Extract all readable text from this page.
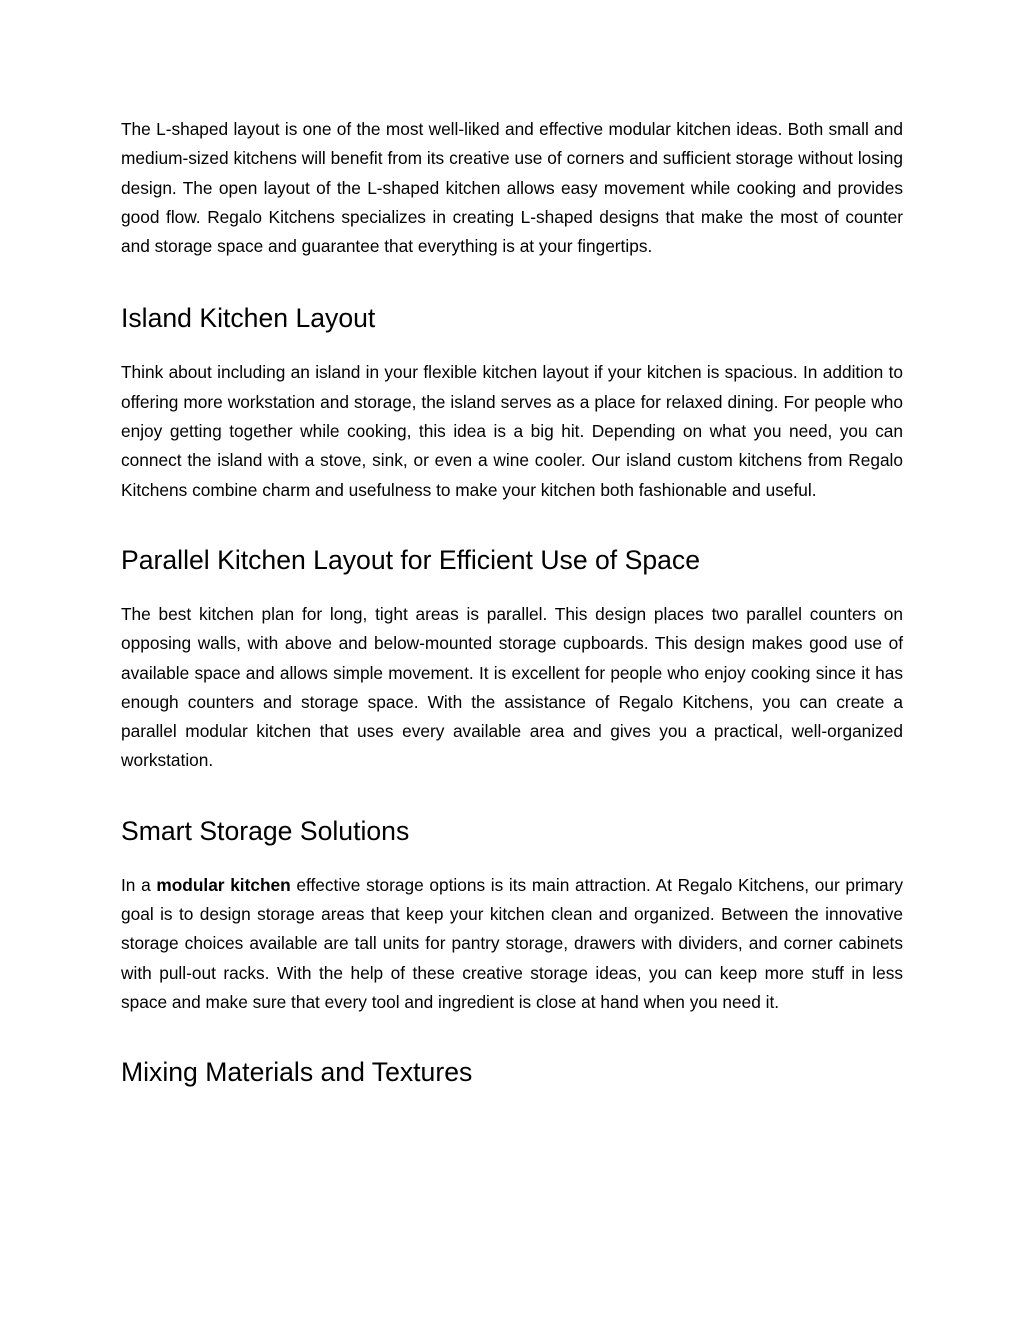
The L-shaped layout is one of the most well-liked and effective modular kitchen ideas. Both small and medium-sized kitchens will benefit from its creative use of corners and sufficient storage without losing design. The open layout of the L-shaped kitchen allows easy movement while cooking and provides good flow. Regalo Kitchens specializes in creating L-shaped designs that make the most of counter and storage space and guarantee that everything is at your fingertips.

Island Kitchen Layout

Think about including an island in your flexible kitchen layout if your kitchen is spacious. In addition to offering more workstation and storage, the island serves as a place for relaxed dining. For people who enjoy getting together while cooking, this idea is a big hit. Depending on what you need, you can connect the island with a stove, sink, or even a wine cooler. Our island custom kitchens from Regalo Kitchens combine charm and usefulness to make your kitchen both fashionable and useful.

Parallel Kitchen Layout for Efficient Use of Space

The best kitchen plan for long, tight areas is parallel. This design places two parallel counters on opposing walls, with above and below-mounted storage cupboards. This design makes good use of available space and allows simple movement. It is excellent for people who enjoy cooking since it has enough counters and storage space. With the assistance of Regalo Kitchens, you can create a parallel modular kitchen that uses every available area and gives you a practical, well-organized workstation.

Smart Storage Solutions

In a modular kitchen effective storage options is its main attraction. At Regalo Kitchens, our primary goal is to design storage areas that keep your kitchen clean and organized. Between the innovative storage choices available are tall units for pantry storage, drawers with dividers, and corner cabinets with pull-out racks. With the help of these creative storage ideas, you can keep more stuff in less space and make sure that every tool and ingredient is close at hand when you need it.

Mixing Materials and Textures
